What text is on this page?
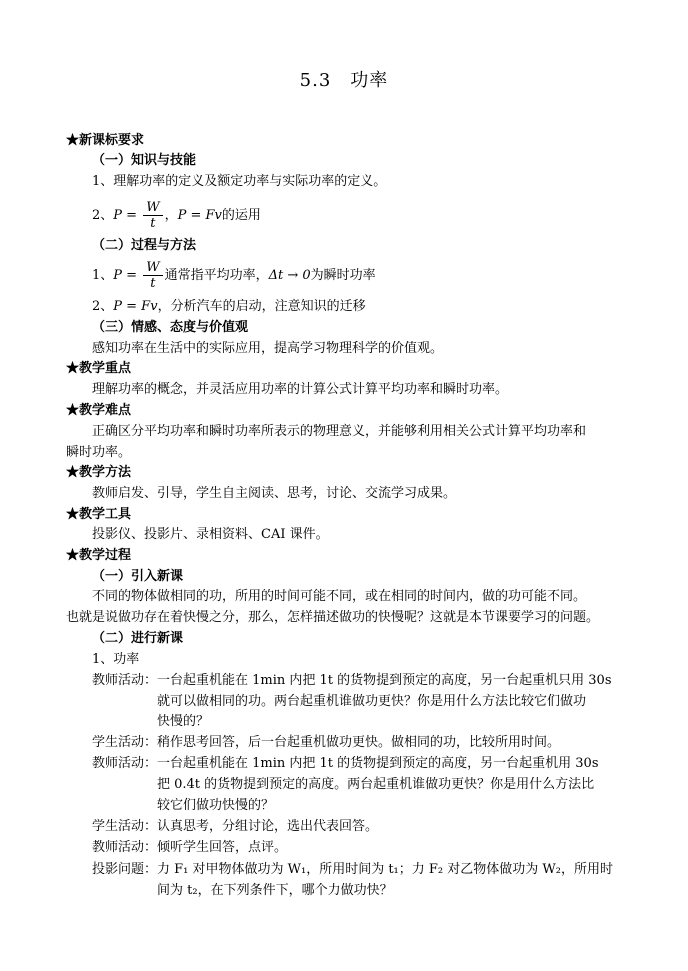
5.3　功率
★新课标要求
（一）知识与技能
1、理解功率的定义及额定功率与实际功率的定义。
2、$P = \frac{W}{t}$ ，P = Fv的运用
（二）过程与方法
1、$P = \frac{W}{t}$ 通常指平均功率，Δt → 0为瞬时功率
2、P = Fv，分析汽车的启动，注意知识的迁移
（三）情感、态度与价值观
感知功率在生活中的实际应用，提高学习物理科学的价值观。
★教学重点
理解功率的概念，并灵活应用功率的计算公式计算平均功率和瞬时功率。
★教学难点
正确区分平均功率和瞬时功率所表示的物理意义，并能够利用相关公式计算平均功率和
瞬时功率。
★教学方法
教师启发、引导，学生自主阅读、思考，讨论、交流学习成果。
★教学工具
投影仪、投影片、录相资料、CAI 课件。
★教学过程
（一）引入新课
不同的物体做相同的功，所用的时间可能不同，或在相同的时间内，做的功可能不同。
也就是说做功存在着快慢之分，那么，怎样描述做功的快慢呢？这就是本节课要学习的问题。
（二）进行新课
1、功率
教师活动： 一台起重机能在 1min 内把 1t 的货物提到预定的高度，另一台起重机只用 30s
就可以做相同的功。两台起重机谁做功更快？你是用什么方法比较它们做功
快慢的？
学生活动： 稍作思考回答，后一台起重机做功更快。做相同的功，比较所用时间。
教师活动： 一台起重机能在 1min 内把 1t 的货物提到预定的高度，另一台起重机用 30s
把 0.4t 的货物提到预定的高度。两台起重机谁做功更快？你是用什么方法比
较它们做功快慢的？
学生活动： 认真思考，分组讨论，选出代表回答。
教师活动： 倾听学生回答，点评。
投影问题： 力 F₁ 对甲物体做功为 W₁，所用时间为 t₁；力 F₂ 对乙物体做功为 W₂，所用时
间为 t₂，在下列条件下，哪个力做功快？
